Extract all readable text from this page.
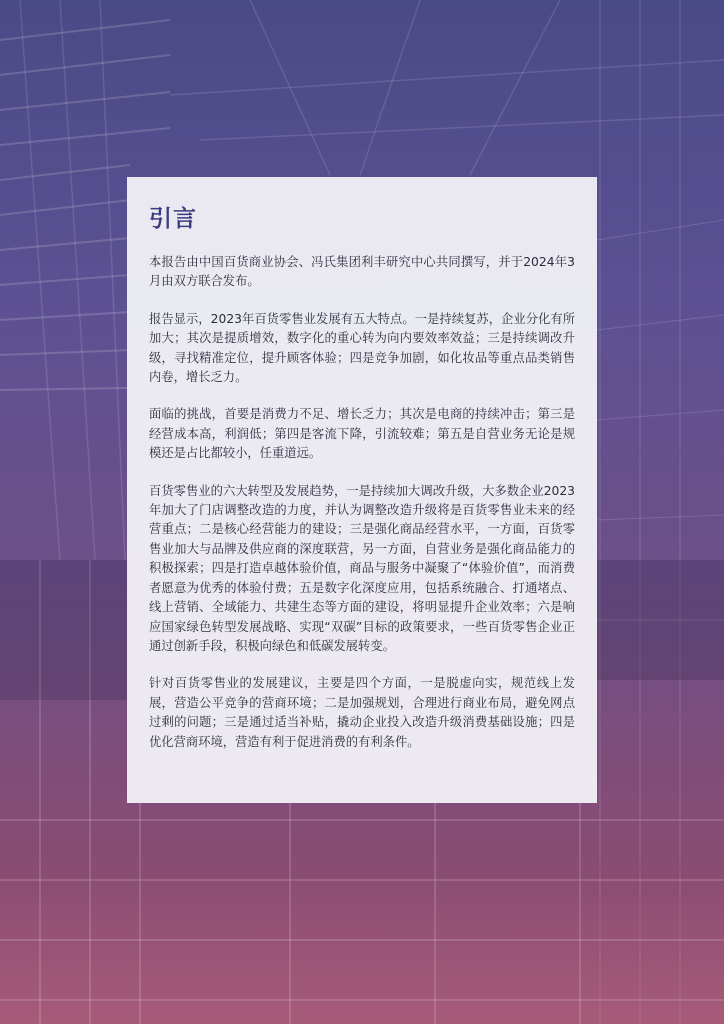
引言

本报告由中国百货商业协会、冯氏集团利丰研究中心共同撰写，并于2024年3月由双方联合发布。

报告显示，2023年百货零售业发展有五大特点。一是持续复苏，企业分化有所加大；其次是提质增效，数字化的重心转为向内要效率效益；三是持续调改升级，寻找精准定位，提升顾客体验；四是竞争加剧，如化妆品等重点品类销售内卷，增长乏力。

面临的挑战，首要是消费力不足、增长乏力；其次是电商的持续冲击；第三是经营成本高，利润低；第四是客流下降，引流较难；第五是自营业务无论是规模还是占比都较小，任重道远。

百货零售业的六大转型及发展趋势，一是持续加大调改升级，大多数企业2023年加大了门店调整改造的力度，并认为调整改造升级将是百货零售业未来的经营重点；二是核心经营能力的建设；三是强化商品经营水平，一方面，百货零售业加大与品牌及供应商的深度联营，另一方面，自营业务是强化商品能力的积极探索；四是打造卓越体验价值，商品与服务中凝聚了“体验价值”，而消费者愿意为优秀的体验付费；五是数字化深度应用，包括系统融合、打通堵点、线上营销、全域能力、共建生态等方面的建设，将明显提升企业效率；六是响应国家绿色转型发展战略、实现“双碳”目标的政策要求，一些百货零售企业正通过创新手段，积极向绿色和低碳发展转变。

针对百货零售业的发展建议，主要是四个方面，一是脱虚向实，规范线上发展，营造公平竞争的营商环境；二是加强规划，合理进行商业布局，避免网点过剩的问题；三是通过适当补贴，撬动企业投入改造升级消费基础设施；四是优化营商环境，营造有利于促进消费的有利条件。
